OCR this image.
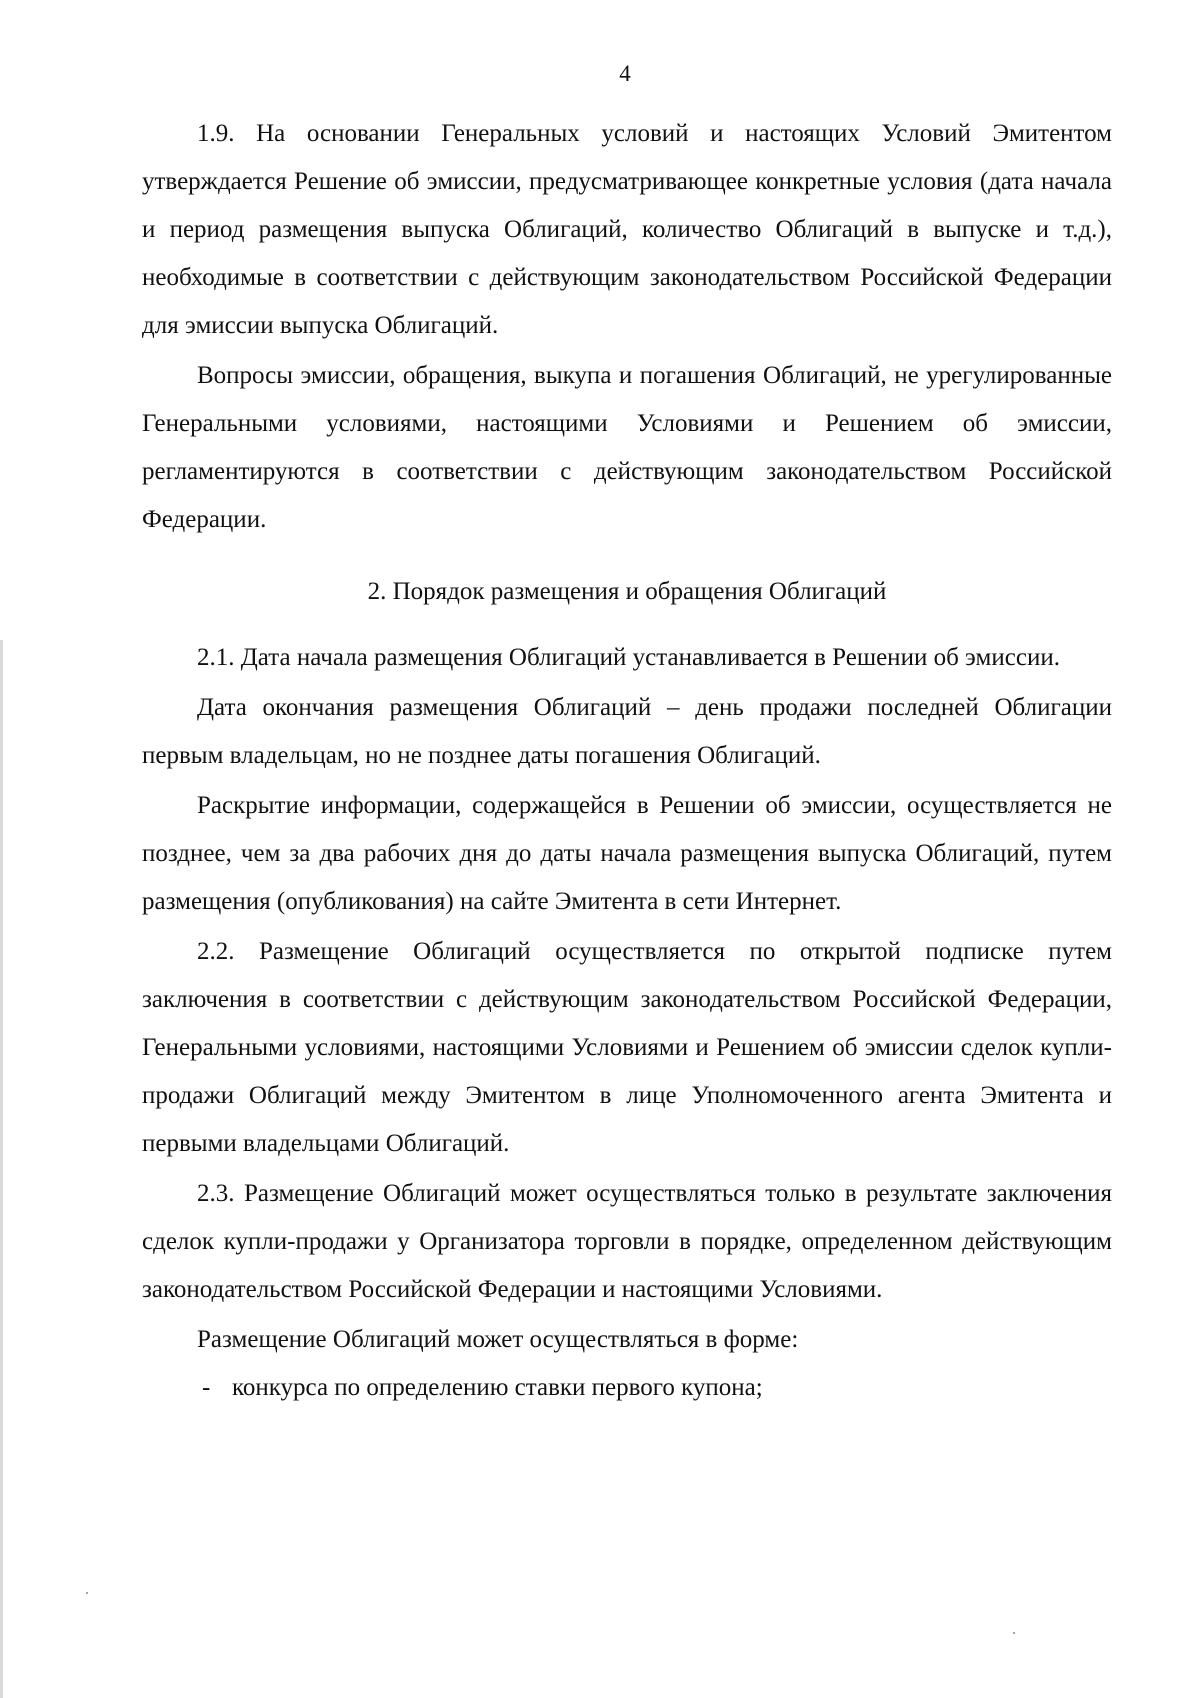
4

1.9. На основании Генеральных условий и настоящих Условий Эмитентом утверждается Решение об эмиссии, предусматривающее конкретные условия (дата начала и период размещения выпуска Облигаций, количество Облигаций в выпуске и т.д.), необходимые в соответствии с действующим законодательством Российской Федерации для эмиссии выпуска Облигаций.

Вопросы эмиссии, обращения, выкупа и погашения Облигаций, не урегулированные Генеральными условиями, настоящими Условиями и Решением об эмиссии, регламентируются в соответствии с действующим законодательством Российской Федерации.

2. Порядок размещения и обращения Облигаций

2.1. Дата начала размещения Облигаций устанавливается в Решении об эмиссии.

Дата окончания размещения Облигаций – день продажи последней Облигации первым владельцам, но не позднее даты погашения Облигаций.

Раскрытие информации, содержащейся в Решении об эмиссии, осуществляется не позднее, чем за два рабочих дня до даты начала размещения выпуска Облигаций, путем размещения (опубликования) на сайте Эмитента в сети Интернет.

2.2. Размещение Облигаций осуществляется по открытой подписке путем заключения в соответствии с действующим законодательством Российской Федерации, Генеральными условиями, настоящими Условиями и Решением об эмиссии сделок купли-продажи Облигаций между Эмитентом в лице Уполномоченного агента Эмитента и первыми владельцами Облигаций.

2.3. Размещение Облигаций может осуществляться только в результате заключения сделок купли-продажи у Организатора торговли в порядке, определенном действующим законодательством Российской Федерации и настоящими Условиями.

Размещение Облигаций может осуществляться в форме:

- конкурса по определению ставки первого купона;
